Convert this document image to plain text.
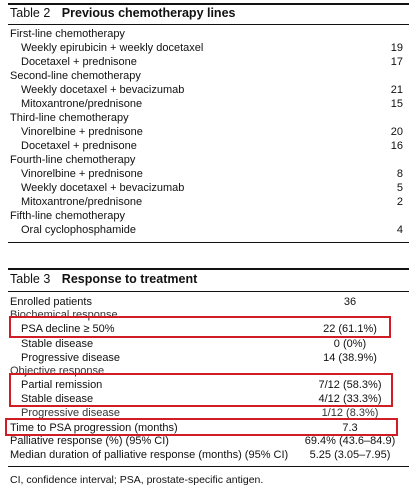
Table 2 Previous chemotherapy lines
First-line chemotherapy
Weekly epirubicin + weekly docetaxel	19
Docetaxel + prednisone	17
Second-line chemotherapy
Weekly docetaxel + bevacizumab	21
Mitoxantrone/prednisone	15
Third-line chemotherapy
Vinorelbine + prednisone	20
Docetaxel + prednisone	16
Fourth-line chemotherapy
Vinorelbine + prednisone	8
Weekly docetaxel + bevacizumab	5
Mitoxantrone/prednisone	2
Fifth-line chemotherapy
Oral cyclophosphamide	4
Table 3 Response to treatment
Enrolled patients	36
Biochemical response
PSA decline ≥ 50%	22 (61.1%)
Stable disease	0 (0%)
Progressive disease	14 (38.9%)
Objective response
Partial remission	7/12 (58.3%)
Stable disease	4/12 (33.3%)
Progressive disease	1/12 (8.3%)
Time to PSA progression (months)	7.3
Palliative response (%) (95% CI)	69.4% (43.6–84.9)
Median duration of palliative response (months) (95% CI)	5.25 (3.05–7.95)
CI, confidence interval; PSA, prostate-specific antigen.
